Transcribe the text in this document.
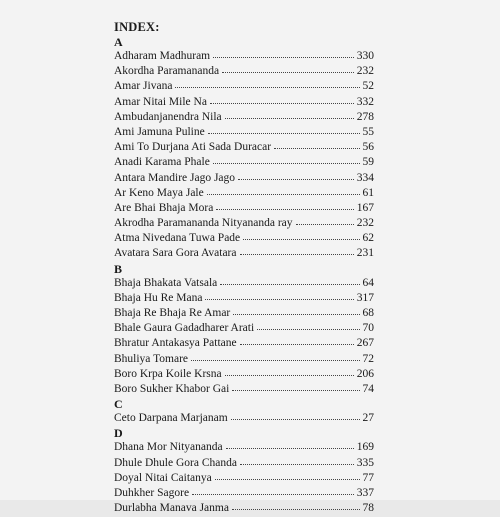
INDEX:
A
Adharam Madhuram	330
Akordha Paramananda	232
Amar Jivana	52
Amar Nitai Mile Na	332
Ambudanjanendra Nila	278
Ami Jamuna Puline	55
Ami To Durjana Ati Sada Duracar	56
Anadi Karama Phale	59
Antara Mandire Jago Jago	334
Ar Keno Maya Jale	61
Are Bhai Bhaja Mora	167
Akrodha Paramananda Nityananda ray	232
Atma Nivedana Tuwa Pade	62
Avatara Sara Gora Avatara	231
B
Bhaja Bhakata Vatsala	64
Bhaja Hu Re Mana	317
Bhaja Re Bhaja Re Amar	68
Bhale Gaura Gadadharer Arati	70
Bhratur Antakasya Pattane	267
Bhuliya Tomare	72
Boro Krpa Koile Krsna	206
Boro Sukher Khabor Gai	74
C
Ceto Darpana Marjanam	27
D
Dhana Mor Nityananda	169
Dhule Dhule Gora Chanda	335
Doyal Nitai Caitanya	77
Duhkher Sagore	337
Durlabha Manava Janma	78
